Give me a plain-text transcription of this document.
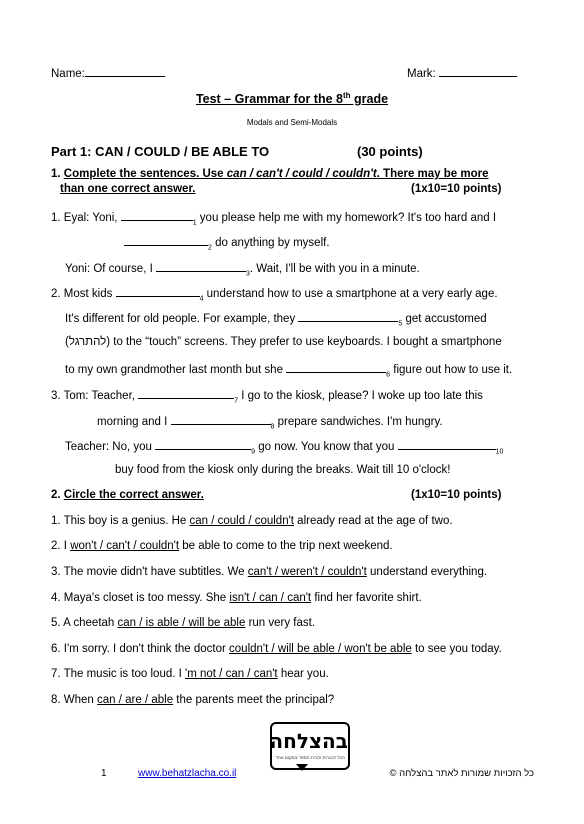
Name:	Mark:
Test – Grammar for the 8th grade
Modals and Semi-Modals
Part 1: CAN / COULD / BE ABLE TO	(30 points)
1. Complete the sentences. Use can / can't / could / couldn't. There may be more
than one correct answer.	(1x10=10 points)
1. Eyal: Yoni,	$_1$ you please help me with my homework? It's too hard and I
$_2$ do anything by myself.
Yoni: Of course, I	$_3$. Wait, I'll be with you in a minute.
2. Most kids	$_4$ understand how to use a smartphone at a very early age.
It's different for old people. For example, they	$_5$ get accustomed
(להתרגל) to the “touch” screens. They prefer to use keyboards. I bought a smartphone
to my own grandmother last month but she	$_6$ figure out how to use it.
3. Tom: Teacher,	$_7$ I go to the kiosk, please? I woke up too late this
morning and I	$_8$ prepare sandwiches. I'm hungry.
Teacher: No, you	$_9$ go now. You know that you	$_{10}$
buy food from the kiosk only during the breaks. Wait till 10 o'clock!
2. Circle the correct answer.	(1x10=10 points)
1. This boy is a genius. He can / could / couldn't already read at the age of two.
2. I won't / can't / couldn't be able to come to the trip next weekend.
3. The movie didn't have subtitles. We can't / weren't / couldn't understand everything.
4. Maya's closet is too messy. She isn't / can / can't find her favorite shirt.
5. A cheetah can / is able / will be able run very fast.
6. I'm sorry. I don't think the doctor couldn't / will be able / won't be able to see you today.
7. The music is too loud. I 'm not / can / can't hear you.
8. When can / are / able the parents meet the principal?
בהצלחה
הכל לבגרות ולבית הספר במקום אחד
1	www.behatzlacha.co.il	כל הזכויות שמורות לאתר בהצלחה ©
